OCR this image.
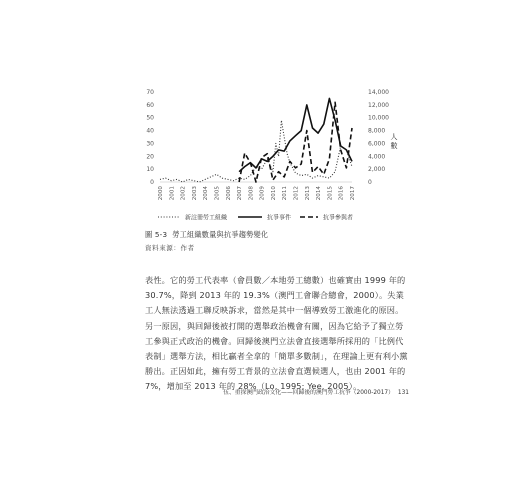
0
10
20
30
40
50
60
70
0
2,000
4,000
6,000
8,000
10,000
12,000
14,000
人
數
2000 2001 2002 2003 2004 2005 2006 2007 2008 2009 2010 2011 2012 2013 2014 2015 2016 2017
新註冊勞工組織	抗爭事件	抗爭參與者
圖 5-3 勞工組織數量與抗爭趨勢變化
資料來源：作者

表性。它的勞工代表率（會員數／本地勞工總數）也確實由 1999 年的 30.7%，降到 2013 年的 19.3%（澳門工會聯合總會，2000）。失業工人無法透過工聯反映訴求，當然是其中一個導致勞工激進化的原因。另一原因，與回歸後被打開的選舉政治機會有關，因為它給予了獨立勞工參與正式政治的機會。回歸後澳門立法會直接選舉所採用的「比例代表制」選舉方法，相比贏者全拿的「簡單多數制」，在理論上更有利小黨勝出。正因如此，擁有勞工背景的立法會直選候選人，也由 2001 年的 7%，增加至 2013 年的 28%（Lo, 1995; Yee, 2005）。

伍、重探澳門政治文化——回歸後的澳門勞工抗爭（2000-2017） 131
